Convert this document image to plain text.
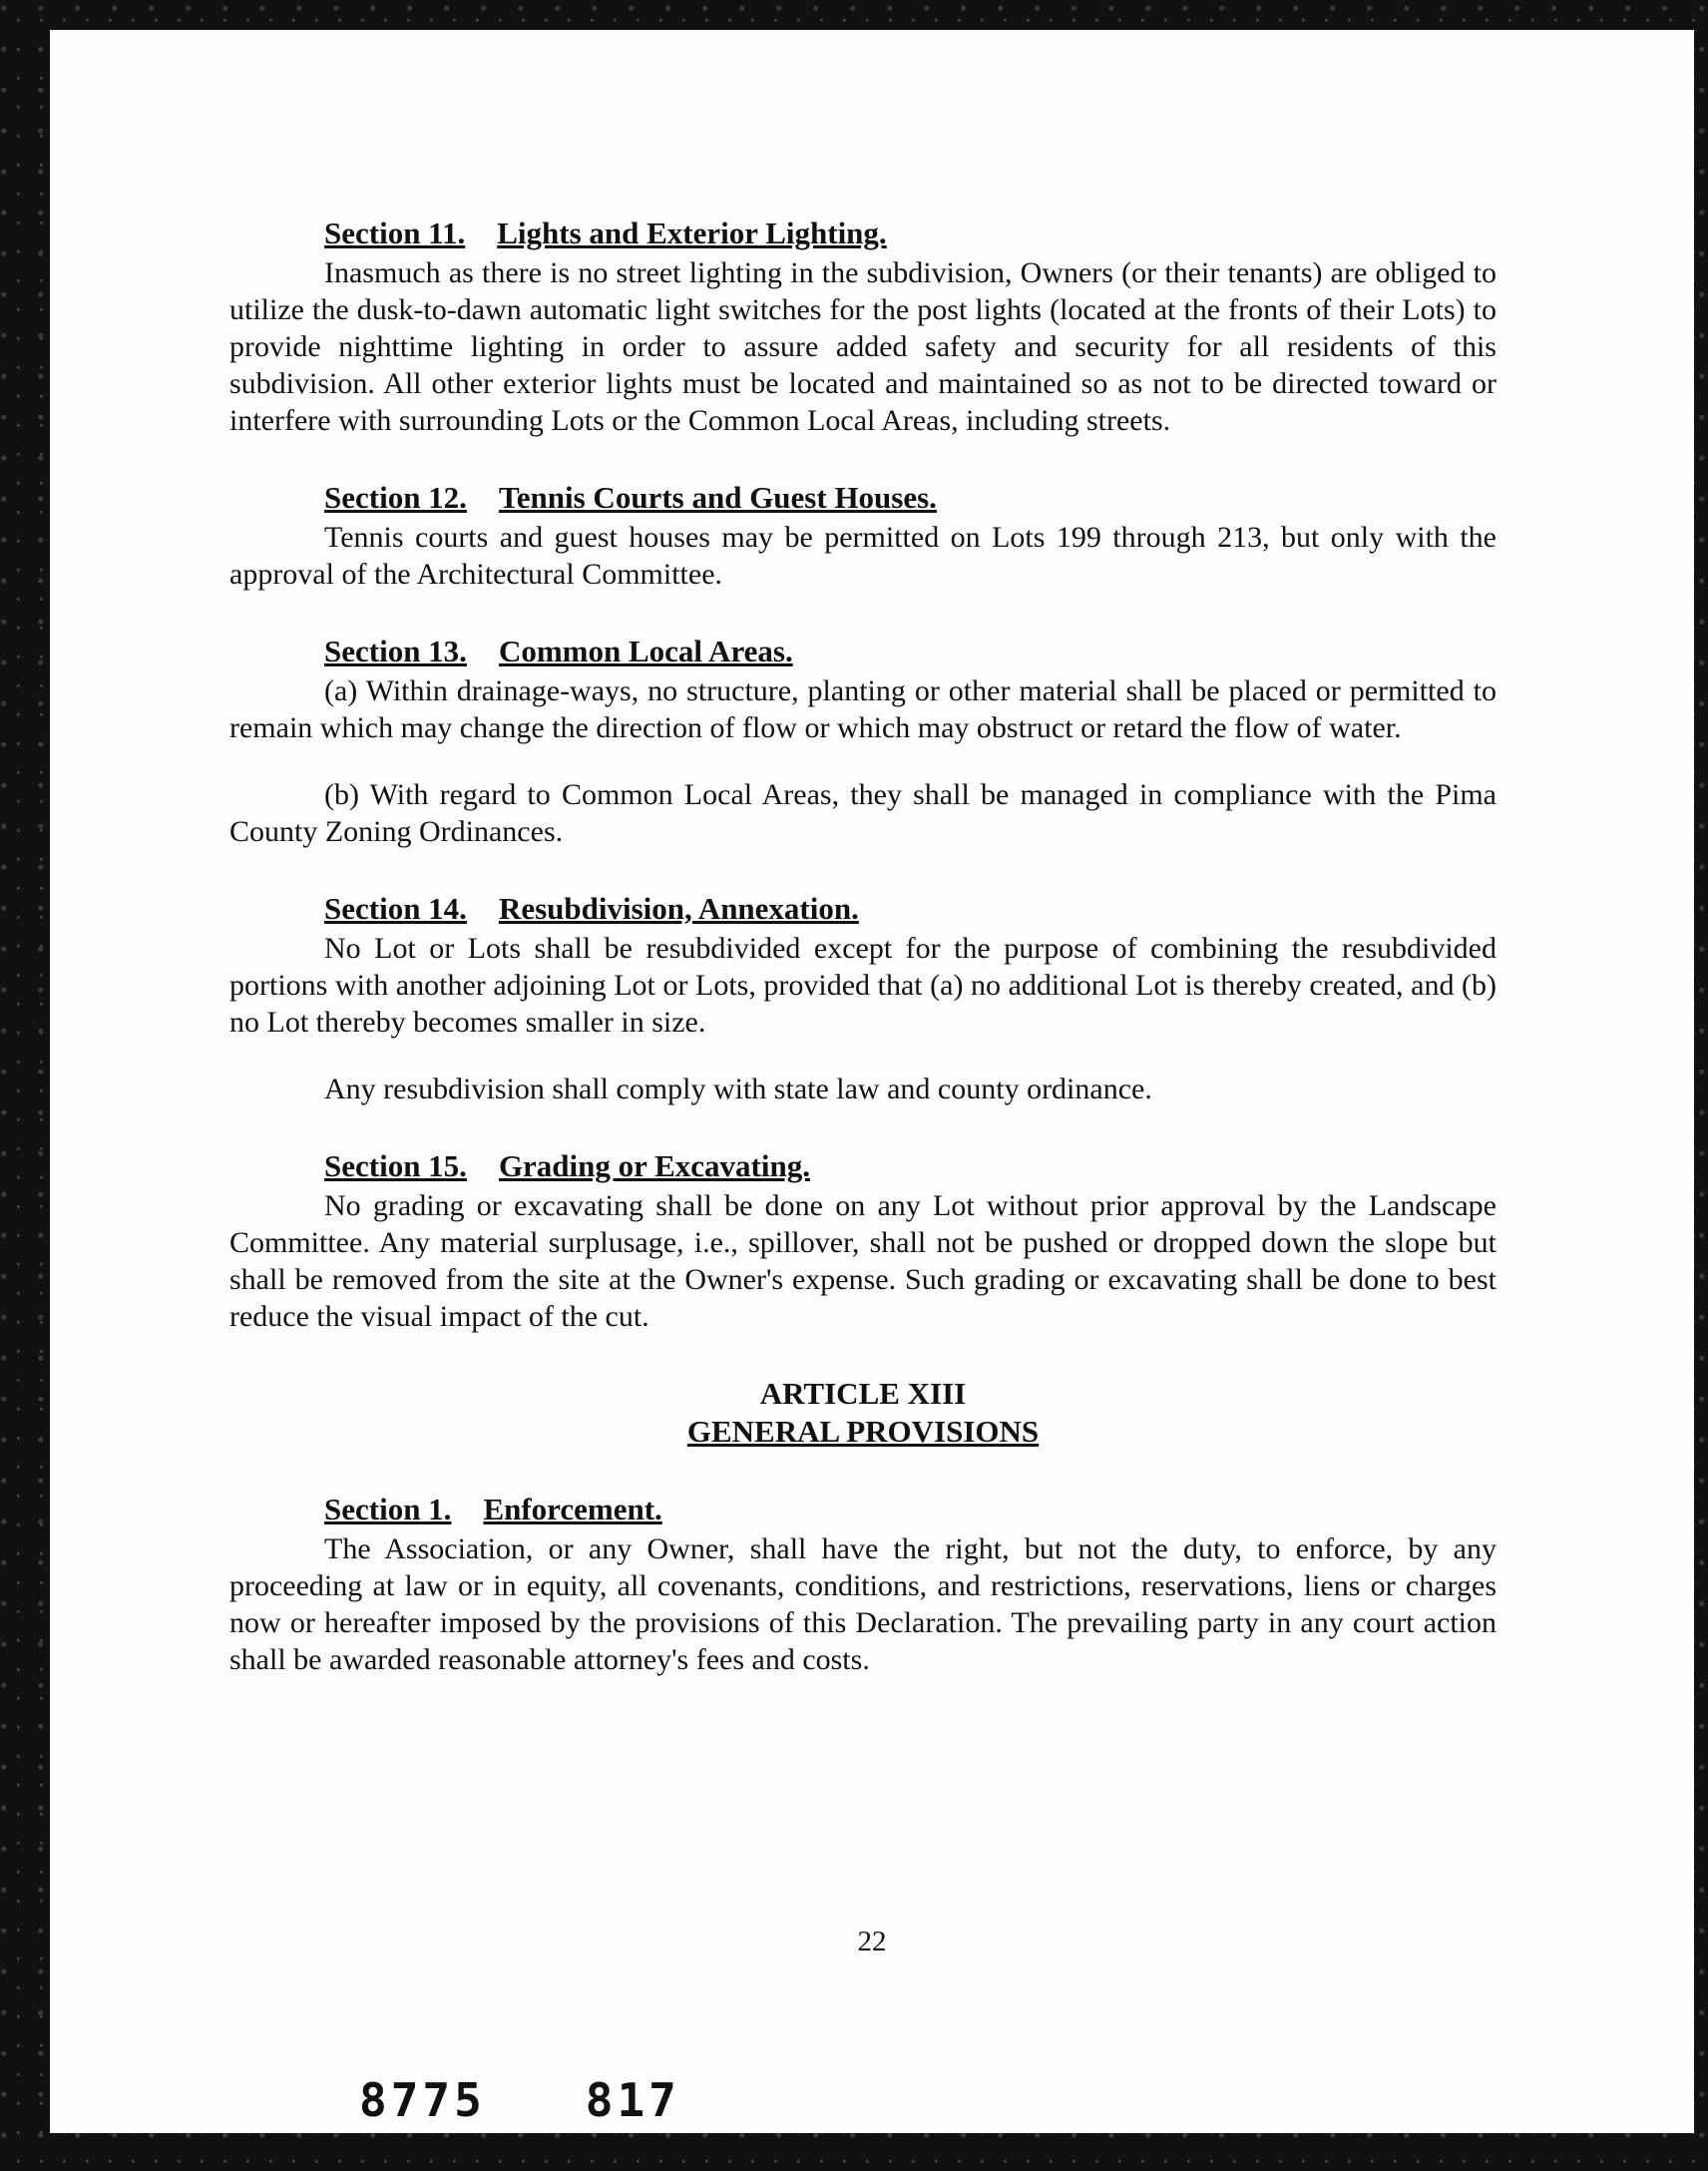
Section 11. Lights and Exterior Lighting.

Inasmuch as there is no street lighting in the subdivision, Owners (or their tenants) are obliged to utilize the dusk-to-dawn automatic light switches for the post lights (located at the fronts of their Lots) to provide nighttime lighting in order to assure added safety and security for all residents of this subdivision. All other exterior lights must be located and maintained so as not to be directed toward or interfere with surrounding Lots or the Common Local Areas, including streets.

Section 12. Tennis Courts and Guest Houses.

Tennis courts and guest houses may be permitted on Lots 199 through 213, but only with the approval of the Architectural Committee.

Section 13. Common Local Areas.

(a) Within drainage-ways, no structure, planting or other material shall be placed or permitted to remain which may change the direction of flow or which may obstruct or retard the flow of water.

(b) With regard to Common Local Areas, they shall be managed in compliance with the Pima County Zoning Ordinances.

Section 14. Resubdivision, Annexation.

No Lot or Lots shall be resubdivided except for the purpose of combining the resubdivided portions with another adjoining Lot or Lots, provided that (a) no additional Lot is thereby created, and (b) no Lot thereby becomes smaller in size.

Any resubdivision shall comply with state law and county ordinance.

Section 15. Grading or Excavating.

No grading or excavating shall be done on any Lot without prior approval by the Landscape Committee. Any material surplusage, i.e., spillover, shall not be pushed or dropped down the slope but shall be removed from the site at the Owner's expense. Such grading or excavating shall be done to best reduce the visual impact of the cut.

ARTICLE XIII
GENERAL PROVISIONS
Section 1. Enforcement.

The Association, or any Owner, shall have the right, but not the duty, to enforce, by any proceeding at law or in equity, all covenants, conditions, and restrictions, reservations, liens or charges now or hereafter imposed by the provisions of this Declaration. The prevailing party in any court action shall be awarded reasonable attorney's fees and costs.

22
8775 817
